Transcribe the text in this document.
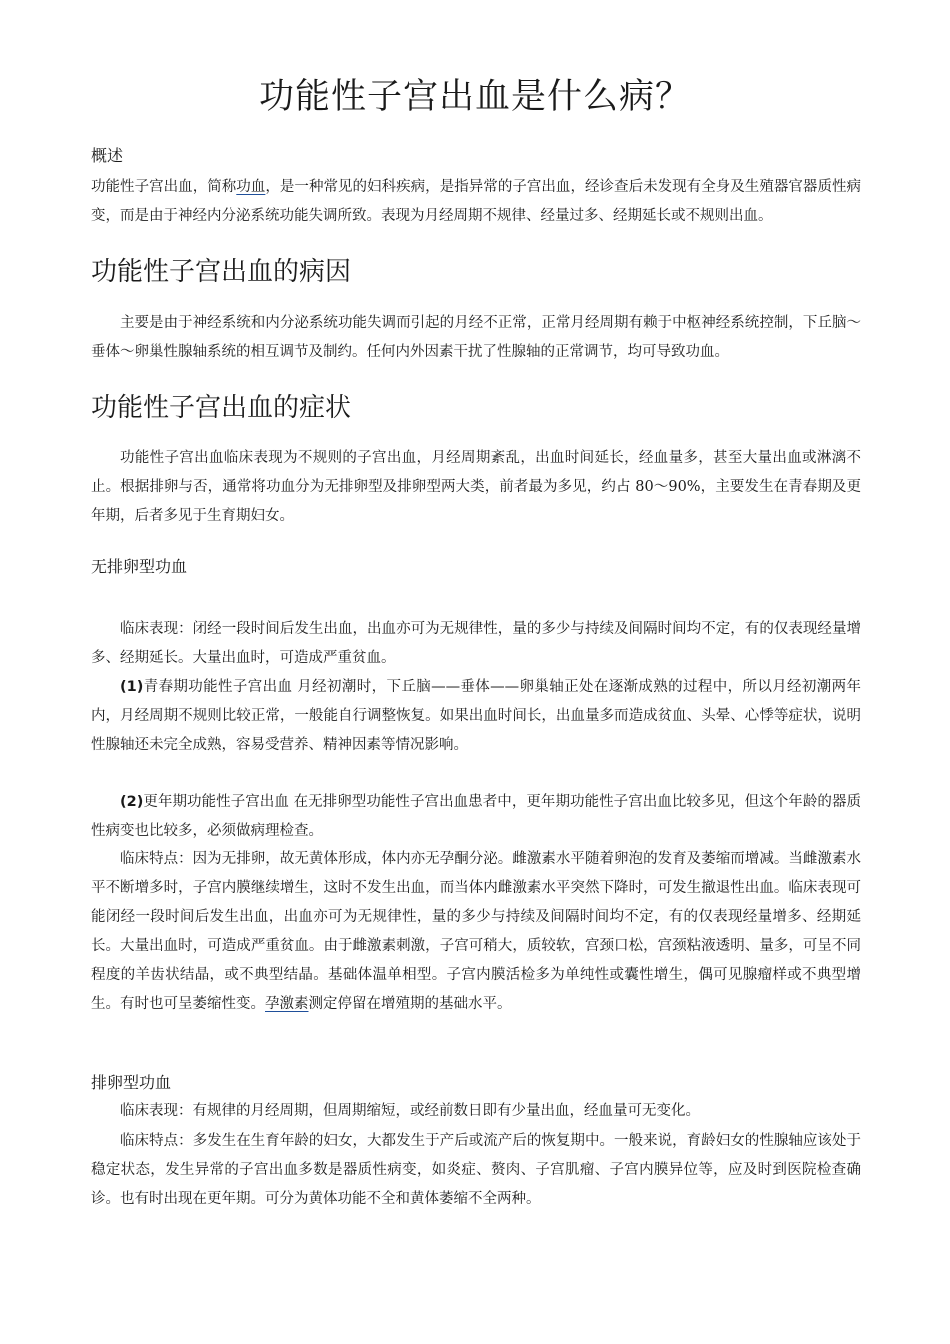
功能性子宫出血是什么病？
概述

功能性子宫出血，简称功血，是一种常见的妇科疾病，是指异常的子宫出血，经诊查后未发现有全身及生殖器官器质性病变，而是由于神经内分泌系统功能失调所致。表现为月经周期不规律、经量过多、经期延长或不规则出血。

功能性子宫出血的病因

主要是由于神经系统和内分泌系统功能失调而引起的月经不正常，正常月经周期有赖于中枢神经系统控制，下丘脑～垂体～卵巢性腺轴系统的相互调节及制约。任何内外因素干扰了性腺轴的正常调节，均可导致功血。

功能性子宫出血的症状

功能性子宫出血临床表现为不规则的子宫出血，月经周期紊乱，出血时间延长，经血量多，甚至大量出血或淋漓不止。根据排卵与否，通常将功血分为无排卵型及排卵型两大类，前者最为多见，约占 80～90%，主要发生在青春期及更年期，后者多见于生育期妇女。

无排卵型功血

临床表现：闭经一段时间后发生出血，出血亦可为无规律性，量的多少与持续及间隔时间均不定，有的仅表现经量增多、经期延长。大量出血时，可造成严重贫血。

(1)青春期功能性子宫出血 月经初潮时，下丘脑——垂体——卵巢轴正处在逐渐成熟的过程中，所以月经初潮两年内，月经周期不规则比较正常，一般能自行调整恢复。如果出血时间长，出血量多而造成贫血、头晕、心悸等症状，说明性腺轴还未完全成熟，容易受营养、精神因素等情况影响。

(2)更年期功能性子宫出血 在无排卵型功能性子宫出血患者中，更年期功能性子宫出血比较多见，但这个年龄的器质性病变也比较多，必须做病理检查。

临床特点：因为无排卵，故无黄体形成，体内亦无孕酮分泌。雌激素水平随着卵泡的发育及萎缩而增减。当雌激素水平不断增多时，子宫内膜继续增生，这时不发生出血，而当体内雌激素水平突然下降时，可发生撤退性出血。临床表现可能闭经一段时间后发生出血，出血亦可为无规律性，量的多少与持续及间隔时间均不定，有的仅表现经量增多、经期延长。大量出血时，可造成严重贫血。由于雌激素刺激，子宫可稍大，质较软，宫颈口松，宫颈粘液透明、量多，可呈不同程度的羊齿状结晶，或不典型结晶。基础体温单相型。子宫内膜活检多为单纯性或囊性增生，偶可见腺瘤样或不典型增生。有时也可呈萎缩性变。孕激素测定停留在增殖期的基础水平。

排卵型功血

临床表现：有规律的月经周期，但周期缩短，或经前数日即有少量出血，经血量可无变化。

临床特点：多发生在生育年龄的妇女，大都发生于产后或流产后的恢复期中。一般来说，育龄妇女的性腺轴应该处于稳定状态，发生异常的子宫出血多数是器质性病变，如炎症、赘肉、子宫肌瘤、子宫内膜异位等，应及时到医院检查确诊。也有时出现在更年期。可分为黄体功能不全和黄体萎缩不全两种。
